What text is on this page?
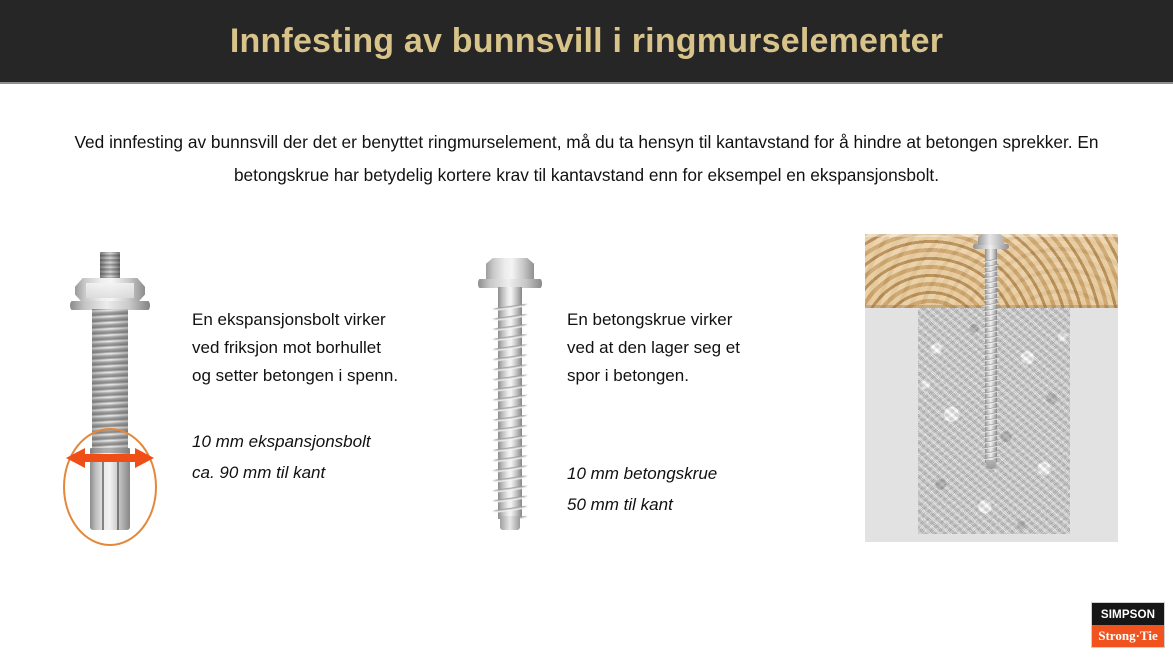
Innfesting av bunnsvill i ringmurselementer
Ved innfesting av bunnsvill der det er benyttet ringmurselement, må du ta hensyn til kantavstand for å hindre at betongen sprekker. En betongskrue har betydelig kortere krav til kantavstand enn for eksempel en ekspansjonsbolt.
En ekspansjonsbolt virker
ved friksjon mot borhullet
og setter betongen i spenn.
10 mm ekspansjonsbolt
ca. 90 mm til kant
En betongskrue virker
ved at den lager seg et
spor i betongen.
10 mm betongskrue
50 mm til kant
SIMPSON
Strong·Tie
